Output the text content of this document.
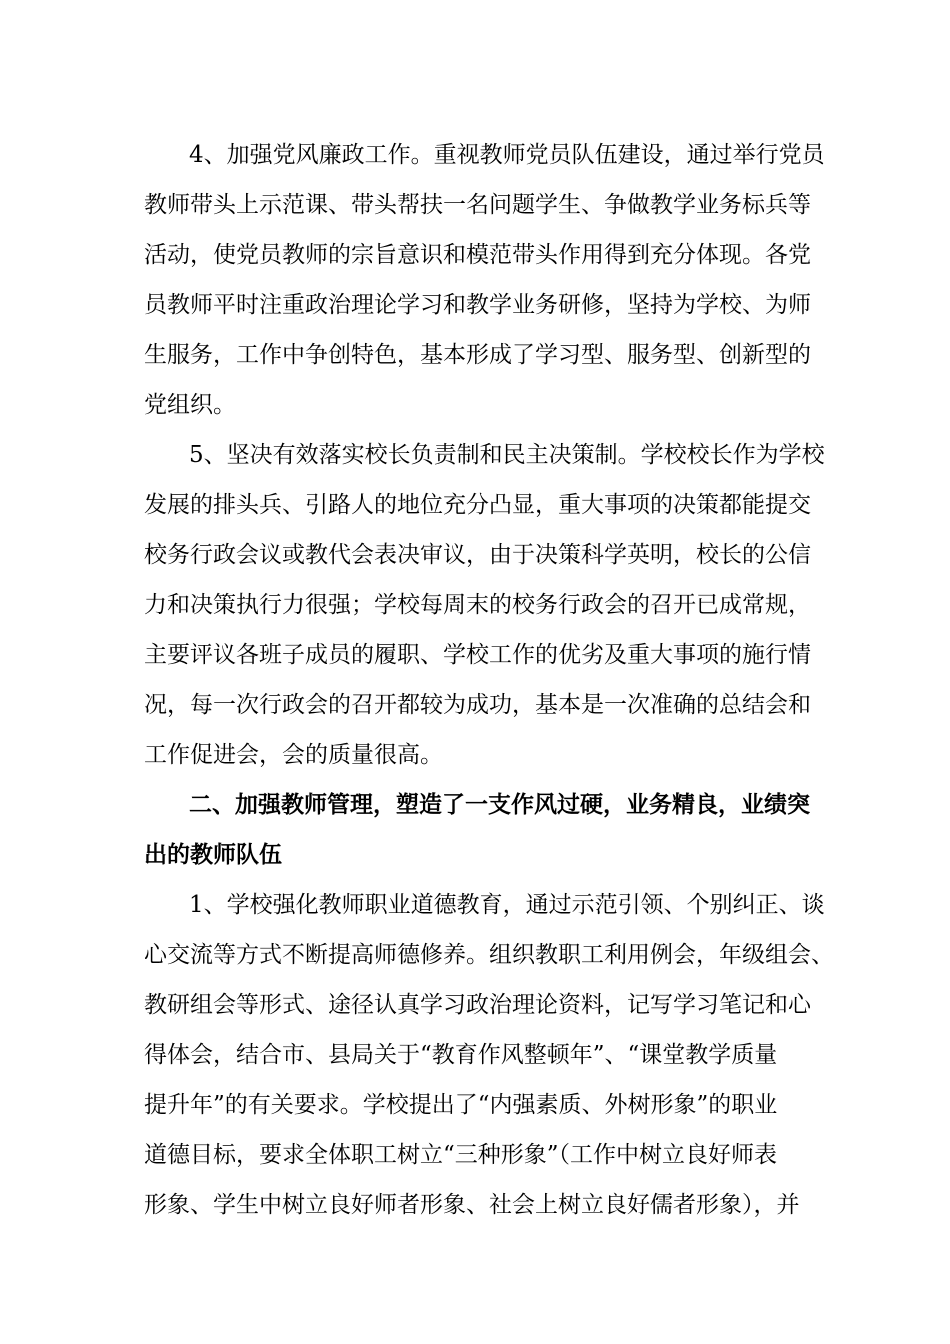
4、加强党风廉政工作。重视教师党员队伍建设，通过举行党员
教师带头上示范课、带头帮扶一名问题学生、争做教学业务标兵等
活动，使党员教师的宗旨意识和模范带头作用得到充分体现。各党
员教师平时注重政治理论学习和教学业务研修，坚持为学校、为师
生服务，工作中争创特色，基本形成了学习型、服务型、创新型的
党组织。
5、坚决有效落实校长负责制和民主决策制。学校校长作为学校
发展的排头兵、引路人的地位充分凸显，重大事项的决策都能提交
校务行政会议或教代会表决审议，由于决策科学英明，校长的公信
力和决策执行力很强；学校每周末的校务行政会的召开已成常规，
主要评议各班子成员的履职、学校工作的优劣及重大事项的施行情
况，每一次行政会的召开都较为成功，基本是一次准确的总结会和
工作促进会，会的质量很高。
二、加强教师管理，塑造了一支作风过硬，业务精良，业绩突
出的教师队伍
1、学校强化教师职业道德教育，通过示范引领、个别纠正、谈
心交流等方式不断提高师德修养。组织教职工利用例会，年级组会、
教研组会等形式、途径认真学习政治理论资料，记写学习笔记和心
得体会，结合市、县局关于“教育作风整顿年”、“课堂教学质量
提升年”的有关要求。学校提出了“内强素质、外树形象”的职业
道德目标，要求全体职工树立“三种形象”（工作中树立良好师表
形象、学生中树立良好师者形象、社会上树立良好儒者形象），并
